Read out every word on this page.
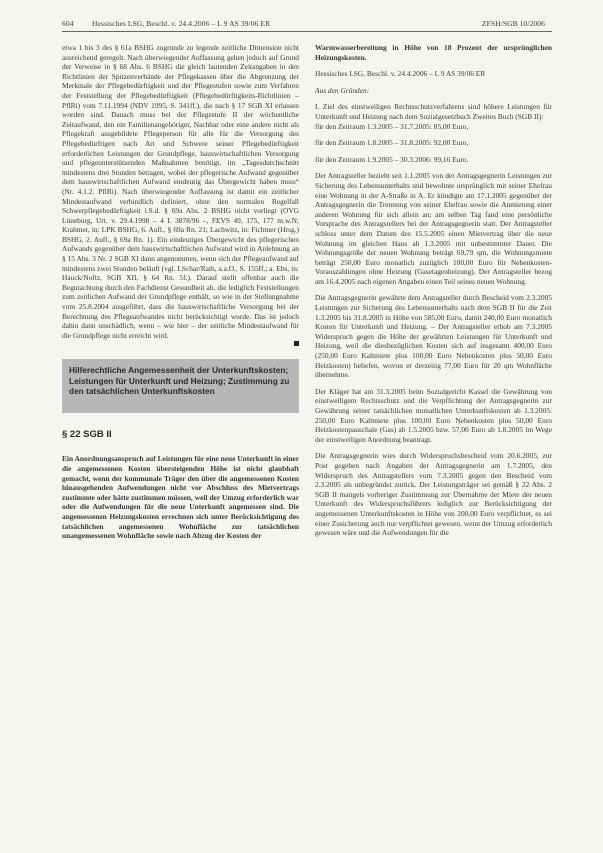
604 Hessisches LSG, Beschl. v. 24.4.2006 – L 9 AS 39/06 ER	ZFSH/SGB 10/2006

etwa 1 bis 3 des § 61a BSHG zugrunde zu legende zeitliche Dimension nicht ausreichend geregelt. Nach überwiegender Auffassung gehen jedoch auf Grund der Verweise in § 68 Abs. 6 BSHG die gleich lautenden Zeitangaben in den Richtlinien der Spitzenverbände der Pflegekassen über die Abgrenzung der Merkmale der Pflegebedürftigkeit und der Pflegestufen sowie zum Verfahren der Feststellung der Pflegebedürftigkeit (Pflegebedürftigkeits-Richtlinien – PflRi) vom 7.11.1994 (NDV 1995, S. 341ff.), die nach § 17 SGB XI erlassen worden sind. Danach muss bei der Pflegestufe II der wöchentliche Zeitaufwand, den ein Familienangehöriger, Nachbar oder eine andere nicht als Pflegekraft ausgebildete Pflegeperson für alle für die Versorgung des Pflegebedürftigen nach Art und Schwere seiner Pflegebedürftigkeit erforderlichen Leistungen der Grundpflege, hauswirtschaftlichen Versorgung und pflegeunterstützenden Maßnahmen benötigt, im „Tagesdurchschnitt mindestens drei Stunden betragen, wobei der pflegerische Aufwand gegenüber dem hauswirtschaftlichen Aufwand eindeutig das Übergewicht haben muss“ (Nr. 4.1.2. PflRi). Nach überwiegender Auffassung ist damit ein zeitlicher Mindestaufwand verbindlich definiert, ohne den normalen Regelfall Schwerpflegebedürftigkeit i.S.d. § 69a Abs. 2 BSHG nicht vorliegt (OVG Lüneburg, Urt. v. 29.4.1998 – 4 L 3878/96 –, FEVS 49, 175, 177 m.w.N; Krahmer, in: LPK BSHG, 6. Aufl., § 69a Rn. 21; Lachwitz, in: Fichtner (Hrsg.) BSHG, 2. Aufl., § 69a Rn. 1). Ein eindeutiges Übergewicht des pflegerischen Aufwands gegenüber dem hauswirtschaftlichen Aufwand wird in Anlehnung an § 15 Abs. 3 Nr. 2 SGB XI dann angenommen, wenn sich der Pflegeaufwand auf mindestens zwei Stunden beläuft (vgl. LSchar/Rath, a.a.O., S. 155ff.; a. Ebs, in: Hauck/Noftz, SGB XII, § 64 Rn. 5f.). Darauf stellt offenbar auch die Begutachtung durch den Fachdienst Gesundheit ab, die lediglich Feststellungen zum zeitlichen Aufwand der Grundpflege enthält, so wie in der Stellungnahme vom 25.8.2004 ausgeführt, dass die hauswirtschaftliche Versorgung bei der Berechnung des Pflegeaufwandes nicht berücksichtigt wurde. Das ist jedoch dahin dann unschädlich, wenn – wie hier – der zeitliche Mindestaufwand für die Grundpflege nicht erreicht wird.

Hilferechtliche Angemessenheit der Unterkunftskosten; Leistungen für Unterkunft und Heizung; Zustimmung zu den tatsächlichen Unterkunftskosten
§ 22 SGB II

Ein Anordnungsanspruch auf Leistungen für eine neue Unterkunft in einer die angemessenen Kosten übersteigenden Höhe ist nicht glaubhaft gemacht, wenn der kommunale Träger den über die angemessenen Kosten hinausgehenden Aufwendungen nicht vor Abschluss des Mietvertrags zustimmte oder hätte zustimmen müssen, weil der Umzug erforderlich war oder die Aufwendungen für die neue Unterkunft angemessen sind. Die angemessenen Heizungskosten errechnen sich unter Berücksichtigung des tatsächlichen angemessenen Wohnfläche zur tatsächlichen unangemessenen Wohnfläche sowie nach Abzug der Kosten der

Warmwasserbereitung in Höhe von 18 Prozent der ursprünglichen Heizungskosten.

Hessisches LSG, Beschl. v. 24.4.2006 – L 9 AS 39/06 ER

Aus den Gründen:

I. Ziel des einstweiligen Rechtsschutzverfahrens sind höhere Leistungen für Unterkunft und Heizung nach dem Sozialgesetzbuch Zweites Buch (SGB II):

für den Zeitraum 1.3.2005 – 31.7.2005: 85,00 Euro,

für den Zeitraum 1.8.2005 – 31.8.2005: 92,00 Euro,

für den Zeitraum 1.9.2005 – 30.3.2006: 99,16 Euro.

Der Antragsteller bezieht seit 1.1.2005 von der Antragsgegnerin Leistungen zur Sicherung des Lebensunterhalts und bewohnte ursprünglich mit seiner Ehefrau eine Wohnung in der A-Straße in A. Er kündigte am 17.1.2005 gegenüber der Antragsgegnerin die Trennung von seiner Ehefrau sowie die Anmietung einer anderen Wohnung für sich allein an; am selben Tag fand eine persönliche Vorsprache des Antragstellers bei der Antragsgegnerin statt. Der Antragsteller schloss unter dem Datum des 15.5.2005 einen Mietvertrag über die neue Wohnung im gleichen Haus ab 1.3.2005 mit unbestimmter Dauer. Die Wohnungsgröße der neuen Wohnung beträgt 69,79 qm, die Wohnungsmiete beträgt 250,00 Euro monatlich zuzüglich 100,00 Euro für Nebenkosten-Vorauszahlungen ohne Heizung (Gasetagenheizung). Der Antragsteller bezog am 16.4.2005 nach eigenen Angaben einen Teil seines neuen Wohnung.

Die Antragsgegnerin gewährte dem Antragsteller durch Bescheid vom 2.3.2005 Leistungen zur Sicherung des Lebensunterhalts nach dem SGB II für die Zeit 1.3.2005 bis 31.8.2005 in Höhe von 585,00 Euro, damit 240,00 Euro monatlich Kosten für Unterkunft und Heizung. – Der Antragsteller erhob am 7.3.2005 Widerspruch gegen die Höhe der gewährten Leistungen für Unterkunft und Heizung, weil die diesbezüglichen Kosten sich auf insgesamt 400,00 Euro (250,00 Euro Kaltmiete plus 100,00 Euro Nebenkosten plus 50,00 Euro Heizkosten) beliefen, wovon er derzeitig 77,00 Euro für 20 qm Wohnfläche übernehme.

Der Kläger hat am 31.3.2005 beim Sozialgericht Kassel die Gewährung von einstweiligem Rechtsschutz und die Verpflichtung der Antragsgegnerin zur Gewährung seiner tatsächlichen monatlichen Unterkunftskosten ab 1.3.2005: 250,00 Euro Kaltmiete plus 100,00 Euro Nebenkosten plus 50,00 Euro Heizkostenpauschale (Gas) ab 1.5.2005 bzw. 57,00 Euro ab 1.8.2005 im Wege der einstweiligen Anordnung beantragt.

Die Antragsgegnerin wies durch Widerspruchsbescheid vom 20.6.2005, zur Post gegeben nach Angaben der Antragsgegnerin am 1.7.2005, den Widerspruch des Antragstellers vom 7.3.2005 gegen den Bescheid vom 2.3.2005 als unbegründet zurück. Der Leistungsträger sei gemäß § 22 Abs. 2 SGB II mangels vorheriger Zustimmung zur Übernahme der Miete der neuen Unterkunft des Widerspruchsführers lediglich zur Berücksichtigung der angemessenen Unterkunftskosten in Höhe von 200,00 Euro verpflichtet, es sei einer Zusicherung auch nur verpflichtet gewesen, wenn der Umzug erforderlich gewesen wäre und die Aufwendungen für die
